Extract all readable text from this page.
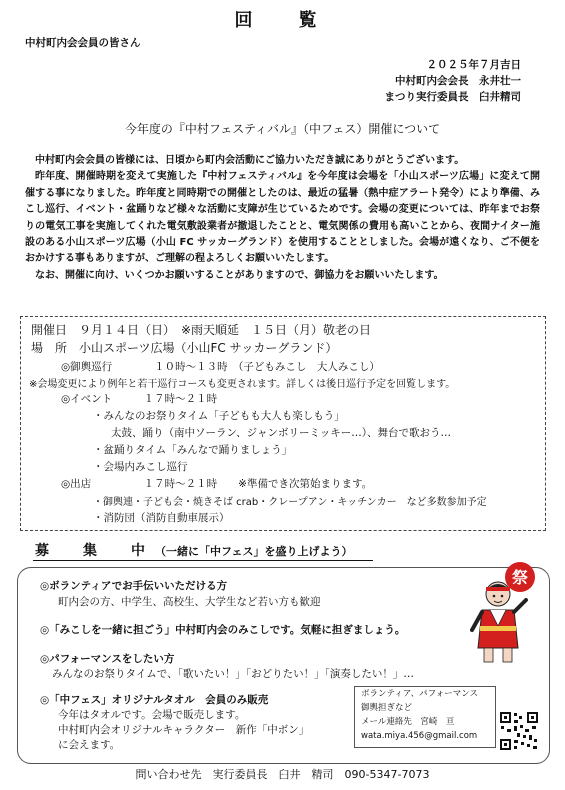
回　覧
中村町内会会員の皆さん
２０２５年７月吉日
中村町内会会長　永井壮一
まつり実行委員長　臼井精司
今年度の『中村フェスティバル』（中フェス）開催について

中村町内会会員の皆様には、日頃から町内会活動にご協力いただき誠にありがとうございます。

昨年度、開催時期を変えて実施した『中村フェスティバル』を今年度は会場を「小山スポーツ広場」に変えて開催する事になりました。昨年度と同時期での開催としたのは、最近の猛暑（熱中症アラート発令）により準備、みこし巡行、イベント・盆踊りなど様々な活動に支障が生じているためです。会場の変更については、昨年までお祭りの電気工事を実施してくれた電気敷設業者が撤退したことと、電気関係の費用も高いことから、夜間ナイター施設のある小山スポーツ広場（小山 FC サッカーグランド）を使用することとしました。会場が遠くなり、ご不便をおかけする事もありますが、ご理解の程よろしくお願いいたします。

なお、開催に向け、いくつかお願いすることがありますので、御協力をお願いいたします。

開催日　９月１４日（日）　※雨天順延　１５日（月）敬老の日
場　所　小山スポーツ広場（小山FC サッカーグランド）
◎御輿巡行　　　　１０時～１３時　（子どもみこし　大人みこし）
※会場変更により例年と若干巡行コースも変更されます。詳しくは後日巡行予定を回覧します。
◎イベント　　　１７時～２１時
・みんなのお祭りタイム「子どもも大人も楽しもう」
太鼓、踊り（南中ソーラン、ジャンボリーミッキー…）、舞台で歌おう…
・盆踊りタイム「みんなで踊りましょう」
・会場内みこし巡行
◎出店　　　　　１７時～２１時　　※準備でき次第始まります。
・御輿連・子ども会・焼きそば crab・クレープアン・キッチンカー　など多数参加予定
・消防団（消防自動車展示）
募　集　中（一緒に「中フェス」を盛り上げよう）
◎ボランティアでお手伝いいただける方
町内会の方、中学生、高校生、大学生など若い方も歓迎
◎「みこしを一緒に担ごう」中村町内会のみこしです。気軽に担ぎましょう。
◎パフォーマンスをしたい方
みんなのお祭りタイムで、「歌いたい！」「おどりたい！」「演奏したい！」…
◎「中フェス」オリジナルタオル　会員のみ販売
今年はタオルです。会場で販売します。
中村町内会オリジナルキャラクター　新作「中ボン」
に会えます。
祭
ボランティア、パフォーマンス
御輿担ぎなど
メール連絡先　宮崎　亘
wata.miya.456@gmail.com
問い合わせ先　実行委員長　臼井　精司　090-5347-7073
